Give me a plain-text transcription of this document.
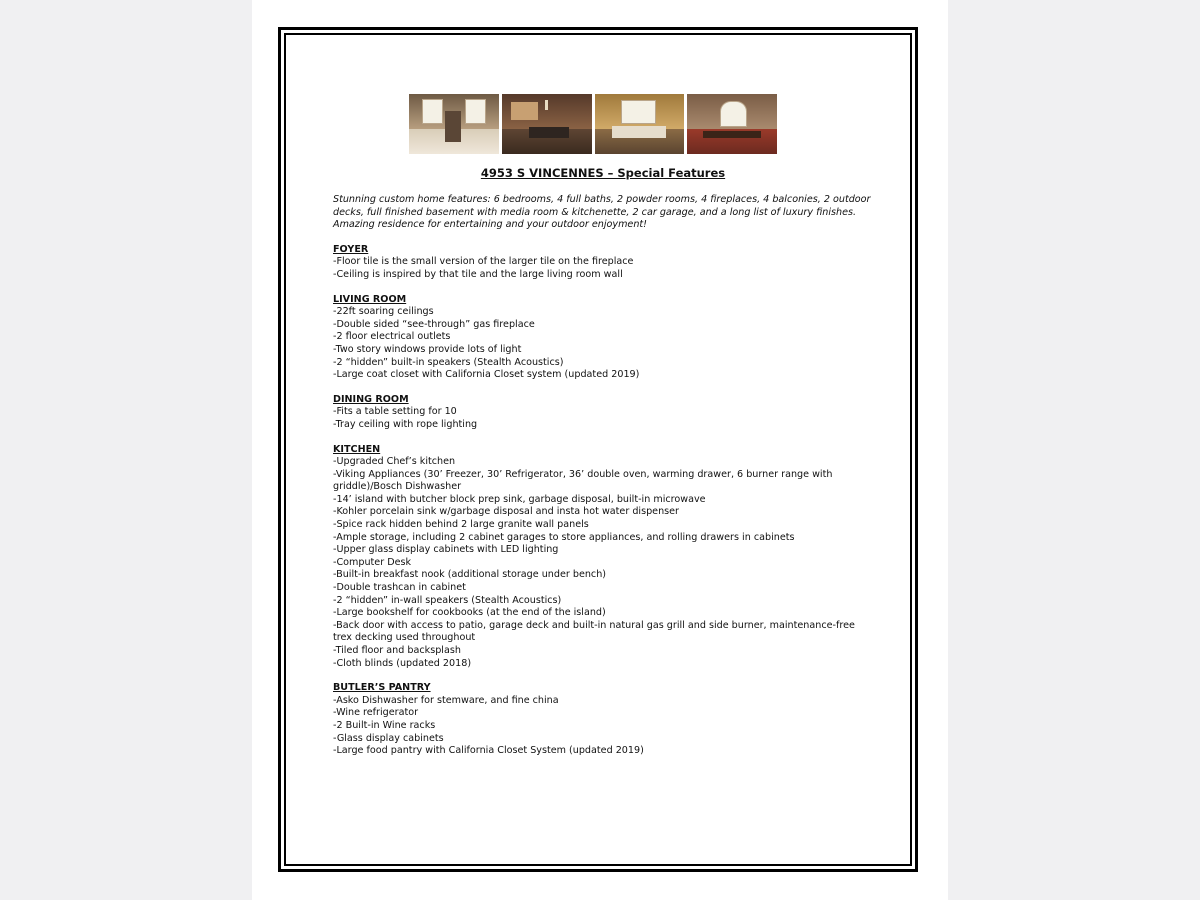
4953 S VINCENNES – Special Features
Stunning custom home features: 6 bedrooms, 4 full baths, 2 powder rooms, 4 fireplaces, 4 balconies, 2 outdoor decks, full finished basement with media room & kitchenette, 2 car garage, and a long list of luxury finishes. Amazing residence for entertaining and your outdoor enjoyment!
FOYER
-Floor tile is the small version of the larger tile on the fireplace
-Ceiling is inspired by that tile and the large living room wall
LIVING ROOM
-22ft soaring ceilings
-Double sided “see-through” gas fireplace
-2 floor electrical outlets
-Two story windows provide lots of light
-2 “hidden” built-in speakers (Stealth Acoustics)
-Large coat closet with California Closet system (updated 2019)
DINING ROOM
-Fits a table setting for 10
-Tray ceiling with rope lighting
KITCHEN
-Upgraded Chef’s kitchen
-Viking Appliances (30’ Freezer, 30’ Refrigerator, 36’ double oven, warming drawer, 6 burner range with griddle)/Bosch Dishwasher
-14’ island with butcher block prep sink, garbage disposal, built-in microwave
-Kohler porcelain sink w/garbage disposal and insta hot water dispenser
-Spice rack hidden behind 2 large granite wall panels
-Ample storage, including 2 cabinet garages to store appliances, and rolling drawers in cabinets
-Upper glass display cabinets with LED lighting
-Computer Desk
-Built-in breakfast nook (additional storage under bench)
-Double trashcan in cabinet
-2 “hidden” in-wall speakers (Stealth Acoustics)
-Large bookshelf for cookbooks (at the end of the island)
-Back door with access to patio, garage deck and built-in natural gas grill and side burner, maintenance-free trex decking used throughout
-Tiled floor and backsplash
-Cloth blinds (updated 2018)
BUTLER’S PANTRY
-Asko Dishwasher for stemware, and fine china
-Wine refrigerator
-2 Built-in Wine racks
-Glass display cabinets
-Large food pantry with California Closet System (updated 2019)
